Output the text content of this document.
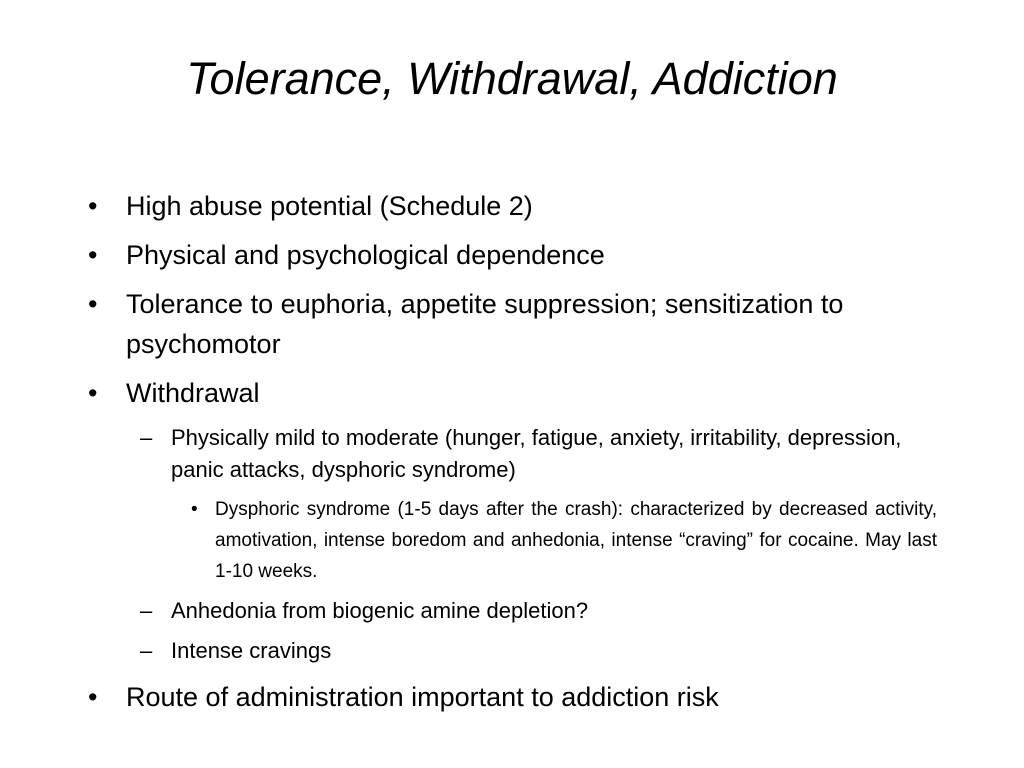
Tolerance, Withdrawal, Addiction
•	High abuse potential (Schedule 2)
•	Physical and psychological dependence
•	Tolerance to euphoria, appetite suppression; sensitization to psychomotor
•	Withdrawal
– Physically mild to moderate (hunger, fatigue, anxiety, irritability, depression, panic attacks, dysphoric syndrome)
• Dysphoric syndrome (1-5 days after the crash): characterized by decreased activity, amotivation, intense boredom and anhedonia, intense “craving” for cocaine. May last 1-10 weeks.
– Anhedonia from biogenic amine depletion?
– Intense cravings
•	Route of administration important to addiction risk
